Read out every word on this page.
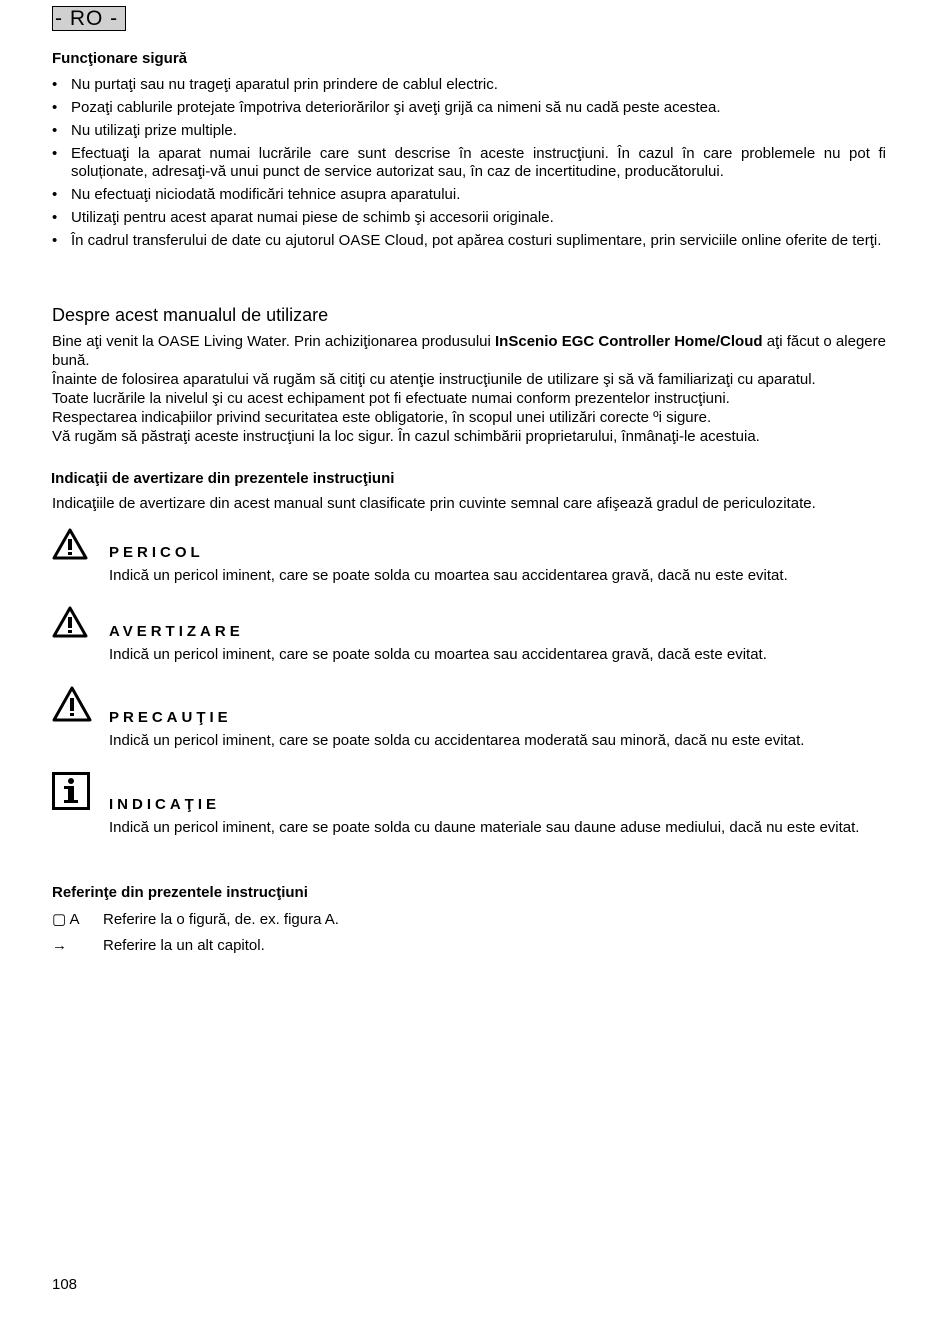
- RO -
Funcţionare sigură
• Nu purtaţi sau nu trageţi aparatul prin prindere de cablul electric.
• Pozaţi cablurile protejate împotriva deteriorărilor şi aveţi grijă ca nimeni să nu cadă peste acestea.
• Nu utilizaţi prize multiple.
• Efectuaţi la aparat numai lucrările care sunt descrise în aceste instrucţiuni. În cazul în care problemele nu pot fi soluționate, adresaţi-vă unui punct de service autorizat sau, în caz de incertitudine, producătorului.
• Nu efectuaţi niciodată modificări tehnice asupra aparatului.
• Utilizaţi pentru acest aparat numai piese de schimb şi accesorii originale.
• În cadrul transferului de date cu ajutorul OASE Cloud, pot apărea costuri suplimentare, prin serviciile online oferite de terţi.
Despre acest manualul de utilizare

Bine aţi venit la OASE Living Water. Prin achiziţionarea produsului InScenio EGC Controller Home/Cloud aţi făcut o alegere bună.

Înainte de folosirea aparatului vă rugăm să citiţi cu atenţie instrucţiunile de utilizare şi să vă familiarizaţi cu aparatul.

Toate lucrările la nivelul şi cu acest echipament pot fi efectuate numai conform prezentelor instrucţiuni.

Respectarea indicaþiilor privind securitatea este obligatorie, în scopul unei utilizări corecte ºi sigure.

Vă rugăm să păstraţi aceste instrucţiuni la loc sigur. În cazul schimbării proprietarului, înmânaţi-le acestuia.

Indicaţii de avertizare din prezentele instrucţiuni
Indicaţiile de avertizare din acest manual sunt clasificate prin cuvinte semnal care afişează gradul de periculozitate.
PERICOL
Indică un pericol iminent, care se poate solda cu moartea sau accidentarea gravă, dacă nu este evitat.
AVERTIZARE
Indică un pericol iminent, care se poate solda cu moartea sau accidentarea gravă, dacă este evitat.
PRECAUŢIE
Indică un pericol iminent, care se poate solda cu accidentarea moderată sau minoră, dacă nu este evitat.
INDICAŢIE
Indică un pericol iminent, care se poate solda cu daune materiale sau daune aduse mediului, dacă nu este evitat.
Referinţe din prezentele instrucţiuni
▢ A	Referire la o figură, de. ex. figura A.
→	Referire la un alt capitol.
108
